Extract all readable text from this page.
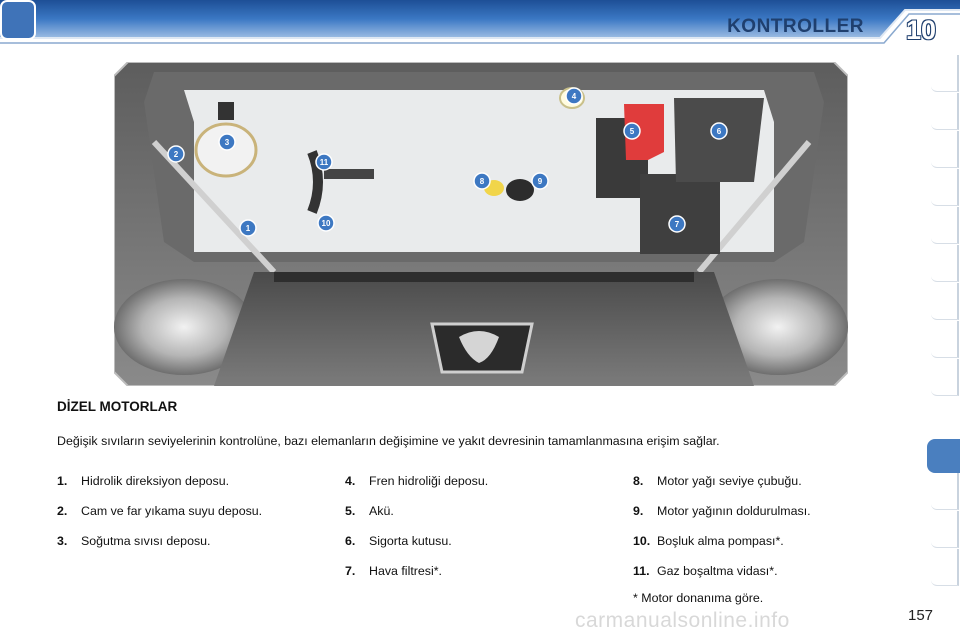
KONTROLLER 10
1
2
3
4
5	6
7
8	9
10
11
DİZEL MOTORLAR
Değişik sıvıların seviyelerinin kontrolüne, bazı elemanların değişimine ve yakıt devresinin tamamlanmasına erişim sağlar.
1. Hidrolik direksiyon deposu.
2. Cam ve far yıkama suyu deposu.
3. Soğutma sıvısı deposu.
4. Fren hidroliği deposu.
5. Akü.
6. Sigorta kutusu.
7. Hava filtresi*.
8. Motor yağı seviye çubuğu.
9. Motor yağının doldurulması.
10. Boşluk alma pompası*.
11. Gaz boşaltma vidası*.
* Motor donanıma göre.
carmanualsonline.info	157
